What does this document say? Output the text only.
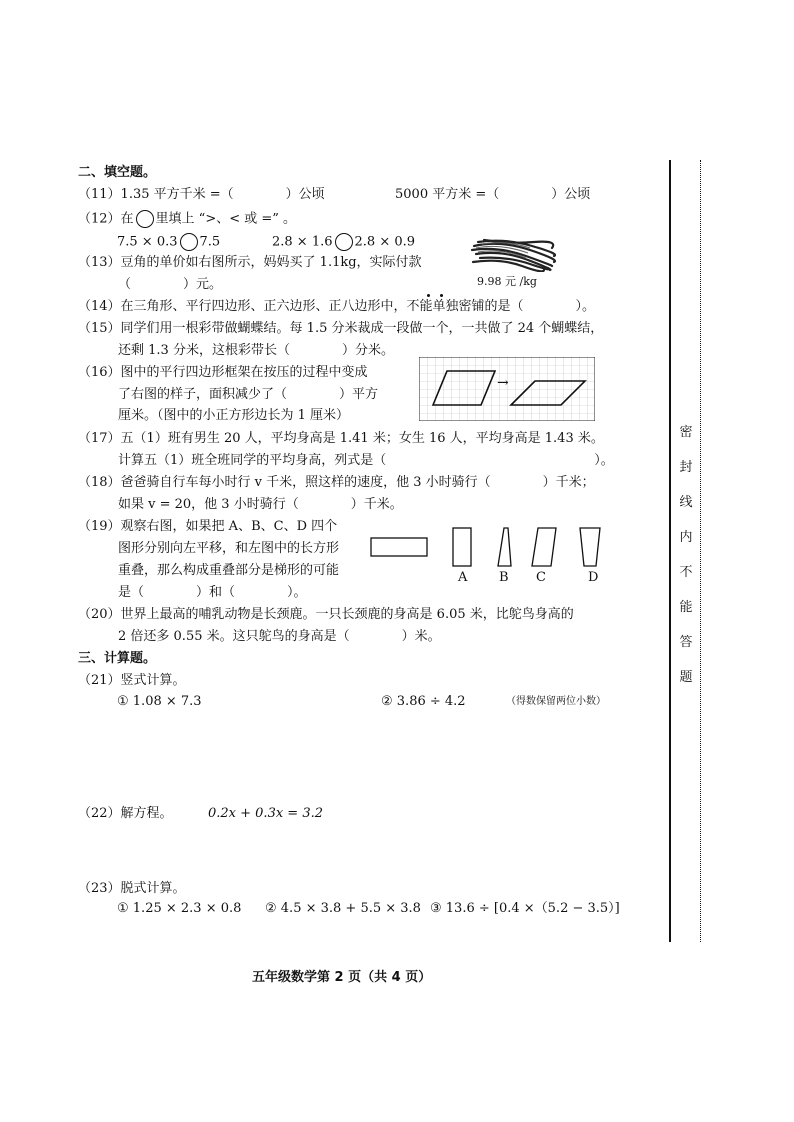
二、填空题。
（11）1.35 平方千米 =（　　　　）公顷	5000 平方米 =（　　　　）公顷
（12）在 里填上 “>、< 或 =” 。
7.5 × 0.3 7.5	2.8 × 1.6 2.8 × 0.9
（13）豆角的单价如右图所示，妈妈买了 1.1kg，实际付款
（　　　　）元。	9.98 元 /kg
（14）在三角形、平行四边形、正六边形、正八边形中，不能单独密铺的是（　　　　）。
（15）同学们用一根彩带做蝴蝶结。每 1.5 分米裁成一段做一个，一共做了 24 个蝴蝶结，
还剩 1.3 分米，这根彩带长（　　　　）分米。
（16）图中的平行四边形框架在按压的过程中变成
了右图的样子，面积减少了（　　　　）平方
厘米。（图中的小正方形边长为 1 厘米）
→
（17）五（1）班有男生 20 人，平均身高是 1.41 米；女生 16 人，平均身高是 1.43 米。
计算五（1）班全班同学的平均身高，列式是（　　　　　　　　　　　　　　　　）。
（18）爸爸骑自行车每小时行 v 千米，照这样的速度，他 3 小时骑行（　　　　）千米；
如果 v = 20，他 3 小时骑行（　　　　）千米。
（19）观察右图，如果把 A、B、C、D 四个
图形分别向左平移，和左图中的长方形
重叠，那么构成重叠部分是梯形的可能
是（　　　　）和（　　　　）。
A B C	D
（20）世界上最高的哺乳动物是长颈鹿。一只长颈鹿的身高是 6.05 米，比鸵鸟身高的
2 倍还多 0.55 米。这只鸵鸟的身高是（　　　　）米。
三、计算题。
（21）竖式计算。
① 1.08 × 7.3	② 3.86 ÷ 4.2	（得数保留两位小数）
（22）解方程。	0.2x + 0.3x = 3.2
（23）脱式计算。
① 1.25 × 2.3 × 0.8 ② 4.5 × 3.8 + 5.5 × 3.8 ③ 13.6 ÷ [0.4 ×（5.2 − 3.5）]
密
封
线
内
不
能
答
题
五年级数学第 2 页（共 4 页）
